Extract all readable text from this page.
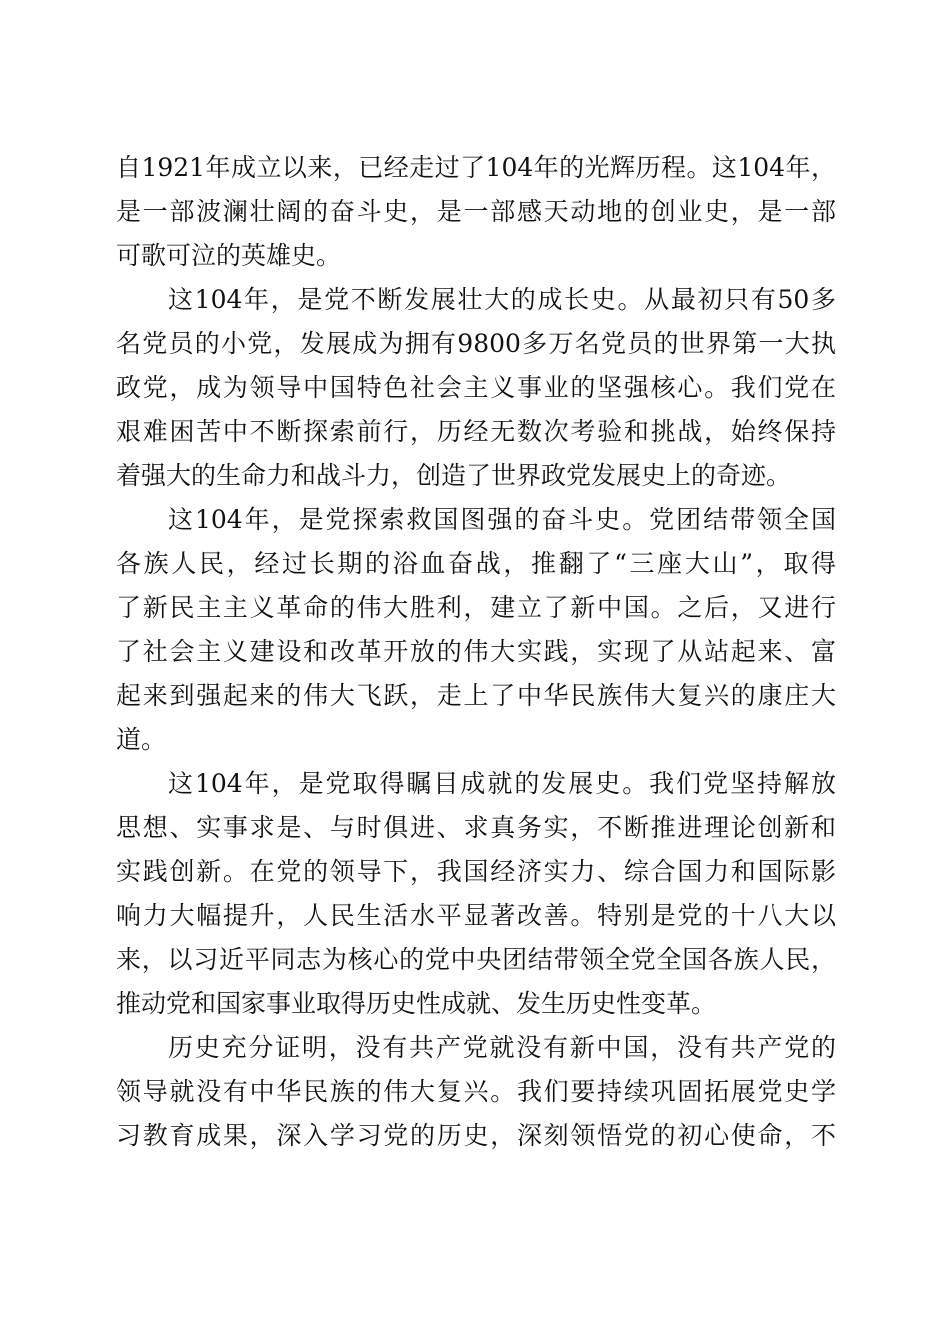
自1921年成立以来，已经走过了104年的光辉历程。这104年，
是一部波澜壮阔的奋斗史，是一部感天动地的创业史，是一部
可歌可泣的英雄史。
这104年，是党不断发展壮大的成长史。从最初只有50多
名党员的小党，发展成为拥有9800多万名党员的世界第一大执
政党，成为领导中国特色社会主义事业的坚强核心。我们党在
艰难困苦中不断探索前行，历经无数次考验和挑战，始终保持
着强大的生命力和战斗力，创造了世界政党发展史上的奇迹。
这104年，是党探索救国图强的奋斗史。党团结带领全国
各族人民，经过长期的浴血奋战，推翻了“三座大山”，取得
了新民主主义革命的伟大胜利，建立了新中国。之后，又进行
了社会主义建设和改革开放的伟大实践，实现了从站起来、富
起来到强起来的伟大飞跃，走上了中华民族伟大复兴的康庄大
道。
这104年，是党取得瞩目成就的发展史。我们党坚持解放
思想、实事求是、与时俱进、求真务实，不断推进理论创新和
实践创新。在党的领导下，我国经济实力、综合国力和国际影
响力大幅提升，人民生活水平显著改善。特别是党的十八大以
来，以习近平同志为核心的党中央团结带领全党全国各族人民，
推动党和国家事业取得历史性成就、发生历史性变革。
历史充分证明，没有共产党就没有新中国，没有共产党的
领导就没有中华民族的伟大复兴。我们要持续巩固拓展党史学
习教育成果，深入学习党的历史，深刻领悟党的初心使命，不
